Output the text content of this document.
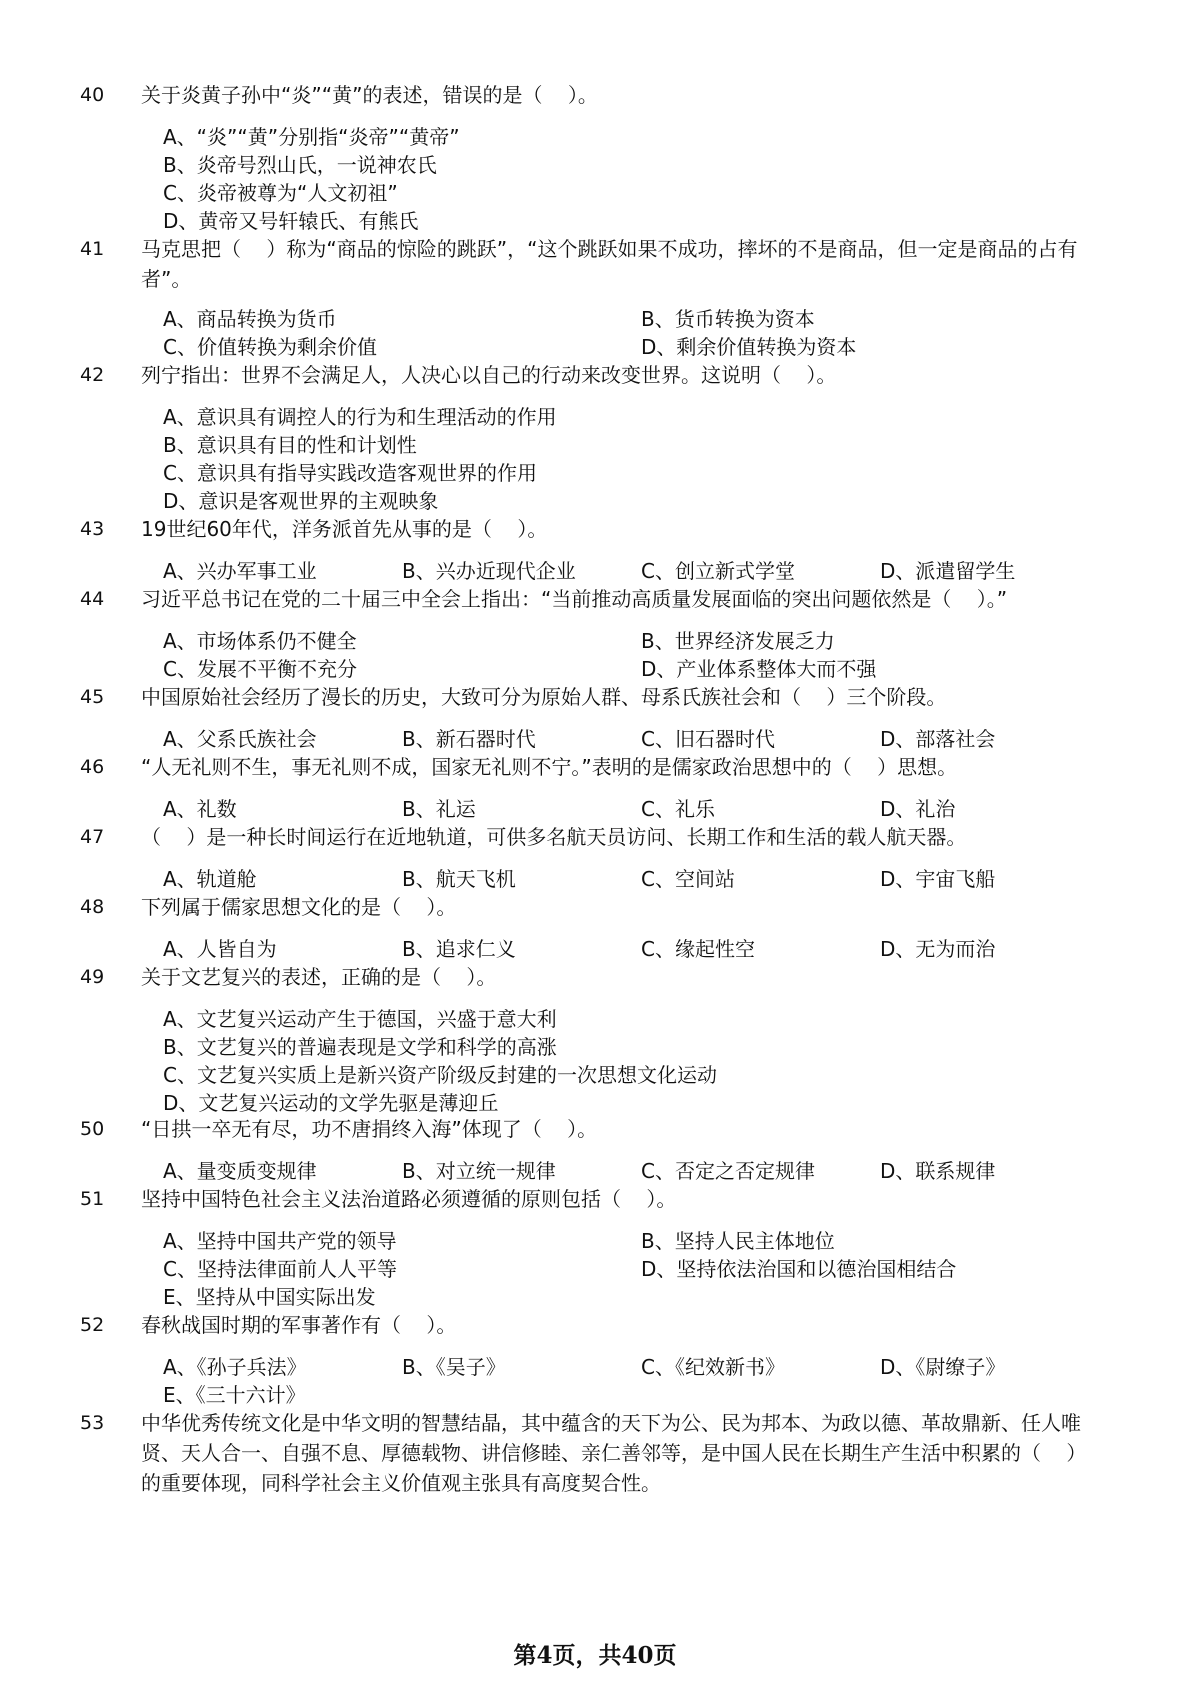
40	关于炎黄子孙中“炎”“黄”的表述，错误的是（    ）。
A、“炎”“黄”分别指“炎帝”“黄帝”
B、炎帝号烈山氏，一说神农氏
C、炎帝被尊为“人文初祖”
D、黄帝又号轩辕氏、有熊氏
41	马克思把（    ）称为“商品的惊险的跳跃”，“这个跳跃如果不成功，摔坏的不是商品，但一定是商品的占有者”。
A、商品转换为货币	B、货币转换为资本
C、价值转换为剩余价值	D、剩余价值转换为资本
42	列宁指出：世界不会满足人，人决心以自己的行动来改变世界。这说明（    ）。
A、意识具有调控人的行为和生理活动的作用
B、意识具有目的性和计划性
C、意识具有指导实践改造客观世界的作用
D、意识是客观世界的主观映象
43	19世纪60年代，洋务派首先从事的是（    ）。
A、兴办军事工业	B、兴办近现代企业	C、创立新式学堂	D、派遣留学生
44	习近平总书记在党的二十届三中全会上指出：“当前推动高质量发展面临的突出问题依然是（    ）。”
A、市场体系仍不健全	B、世界经济发展乏力
C、发展不平衡不充分	D、产业体系整体大而不强
45	中国原始社会经历了漫长的历史，大致可分为原始人群、母系氏族社会和（    ）三个阶段。
A、父系氏族社会	B、新石器时代	C、旧石器时代	D、部落社会
46	“人无礼则不生，事无礼则不成，国家无礼则不宁。”表明的是儒家政治思想中的（    ）思想。
A、礼数	B、礼运	C、礼乐	D、礼治
47	（    ）是一种长时间运行在近地轨道，可供多名航天员访问、长期工作和生活的载人航天器。
A、轨道舱	B、航天飞机	C、空间站	D、宇宙飞船
48	下列属于儒家思想文化的是（    ）。
A、人皆自为	B、追求仁义	C、缘起性空	D、无为而治
49	关于文艺复兴的表述，正确的是（    ）。
A、文艺复兴运动产生于德国，兴盛于意大利
B、文艺复兴的普遍表现是文学和科学的高涨
C、文艺复兴实质上是新兴资产阶级反封建的一次思想文化运动
D、文艺复兴运动的文学先驱是薄迎丘
50	“日拱一卒无有尽，功不唐捐终入海”体现了（    ）。
A、量变质变规律	B、对立统一规律	C、否定之否定规律	D、联系规律
51	坚持中国特色社会主义法治道路必须遵循的原则包括（    ）。
A、坚持中国共产党的领导	B、坚持人民主体地位
C、坚持法律面前人人平等	D、坚持依法治国和以德治国相结合
E、坚持从中国实际出发
52	春秋战国时期的军事著作有（    ）。
A、《孙子兵法》	B、《吴子》	C、《纪效新书》	D、《尉缭子》
E、《三十六计》
53	中华优秀传统文化是中华文明的智慧结晶，其中蕴含的天下为公、民为邦本、为政以德、革故鼎新、任人唯贤、天人合一、自强不息、厚德载物、讲信修睦、亲仁善邻等，是中国人民在长期生产生活中积累的（    ）的重要体现，同科学社会主义价值观主张具有高度契合性。
第4页，共40页
